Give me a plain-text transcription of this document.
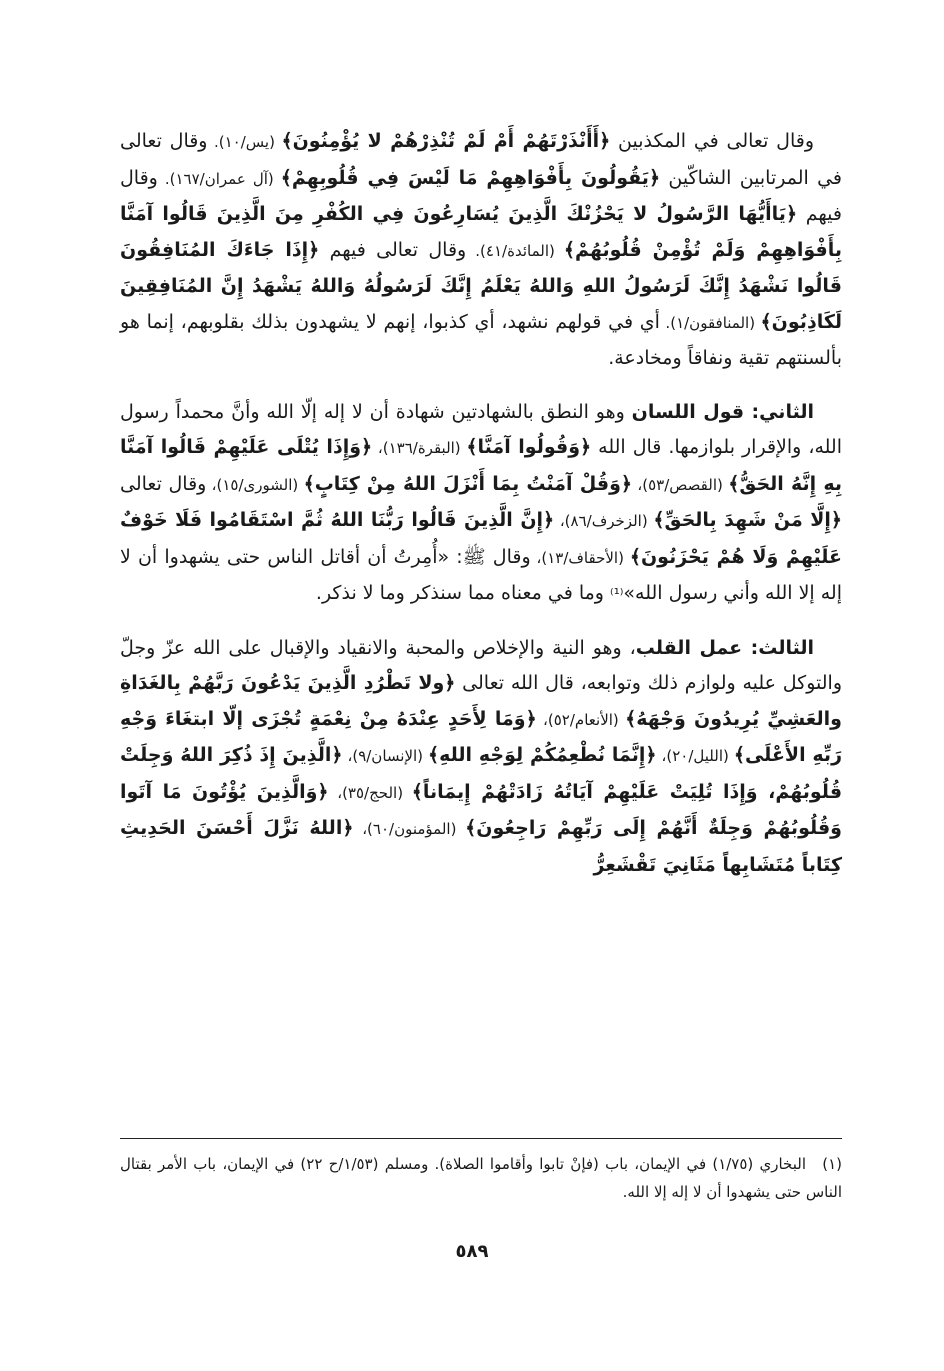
وقال تعالى في المكذبين ﴿أَأَنْذَرْتَهُمْ أَمْ لَمْ تُنْذِرْهُمْ لا يُؤْمِنُونَ﴾ (يس/١٠). وقال تعالى في المرتابين الشاكّين ﴿يَقُولُونَ بِأَفْوَاهِهِمْ مَا لَيْسَ فِي قُلُوبِهِمْ﴾ (آل عمران/١٦٧). وقال فيهم ﴿يَاأَيُّهَا الرَّسُولُ لا يَحْزُنْكَ الَّذِينَ يُسَارِعُونَ فِي الكُفْرِ مِنَ الَّذِينَ قَالُوا آمَنَّا بِأَفْوَاهِهِمْ وَلَمْ تُؤْمِنْ قُلُوبُهُمْ﴾ (المائدة/٤١). وقال تعالى فيهم ﴿إِذَا جَاءَكَ المُنَافِقُونَ قَالُوا نَشْهَدُ إِنَّكَ لَرَسُولُ اللهِ وَاللهُ يَعْلَمُ إِنَّكَ لَرَسُولُهُ وَاللهُ يَشْهَدُ إِنَّ المُنَافِقِينَ لَكَاذِبُونَ﴾ (المنافقون/١). أي في قولهم نشهد، أي كذبوا، إنهم لا يشهدون بذلك بقلوبهم، إنما هو بألسنتهم تقية ونفاقاً ومخادعة.

الثاني: قول اللسان وهو النطق بالشهادتين شهادة أن لا إله إلّا الله وأنَّ محمداً رسول الله، والإقرار بلوازمها. قال الله ﴿وَقُولُوا آمَنَّا﴾ (البقرة/١٣٦)، ﴿وَإِذَا يُتْلَى عَلَيْهِمْ قَالُوا آمَنَّا بِهِ إِنَّهُ الحَقُّ﴾ (القصص/٥٣)، ﴿وَقُلْ آمَنْتُ بِمَا أَنْزَلَ اللهُ مِنْ كِتَابٍ﴾ (الشورى/١٥)، وقال تعالى ﴿إِلَّا مَنْ شَهِدَ بِالحَقِّ﴾ (الزخرف/٨٦)، ﴿إِنَّ الَّذِينَ قَالُوا رَبُّنَا اللهُ ثُمَّ اسْتَقَامُوا فَلَا خَوْفٌ عَلَيْهِمْ وَلَا هُمْ يَحْزَنُونَ﴾ (الأحقاف/١٣)، وقال ﷺ: «أُمِرتُ أن أقاتل الناس حتى يشهدوا أن لا إله إلا الله وأني رسول الله»⁽¹⁾ وما في معناه مما سنذكر وما لا نذكر.

الثالث: عمل القلب، وهو النية والإخلاص والمحبة والانقياد والإقبال على الله عزّ وجلّ والتوكل عليه ولوازم ذلك وتوابعه، قال الله تعالى ﴿ولا تَطْرُدِ الَّذِينَ يَدْعُونَ رَبَّهُمْ بِالغَدَاةِ والعَشِيِّ يُرِيدُونَ وَجْهَهُ﴾ (الأنعام/٥٢)، ﴿وَمَا لِأَحَدٍ عِنْدَهُ مِنْ نِعْمَةٍ تُجْزَى إلّا ابتغَاءَ وَجْهِ رَبِّهِ الأَعْلَى﴾ (الليل/٢٠)، ﴿إِنَّمَا نُطْعِمُكُمْ لِوَجْهِ اللهِ﴾ (الإنسان/٩)، ﴿الَّذِينَ إِذَ ذُكِرَ اللهُ وَجِلَتْ قُلُوبُهُمْ، وَإِذَا تُلِيَتْ عَلَيْهِمْ آيَاتُهُ زَادَتْهُمْ إِيمَاناً﴾ (الحج/٣٥)، ﴿وَالَّذِينَ يُؤْتُونَ مَا آتَوا وَقُلُوبُهُمْ وَجِلَةٌ أَنَّهُمْ إِلَى رَبِّهِمْ رَاجِعُونَ﴾ (المؤمنون/٦٠)، ﴿اللهُ نَزَّلَ أَحْسَنَ الحَدِيثِ كِتَاباً مُتَشَابِهاً مَثَانِيَ تَقْشَعِرُّ

(١)البخاري (١/٧٥) في الإيمان، باب (فإنْ تابوا وأقاموا الصلاة). ومسلم (١/٥٣/ح ٢٢) في الإيمان، باب الأمر بقتال الناس حتى يشهدوا أن لا إله إلا الله.
٥٨٩
